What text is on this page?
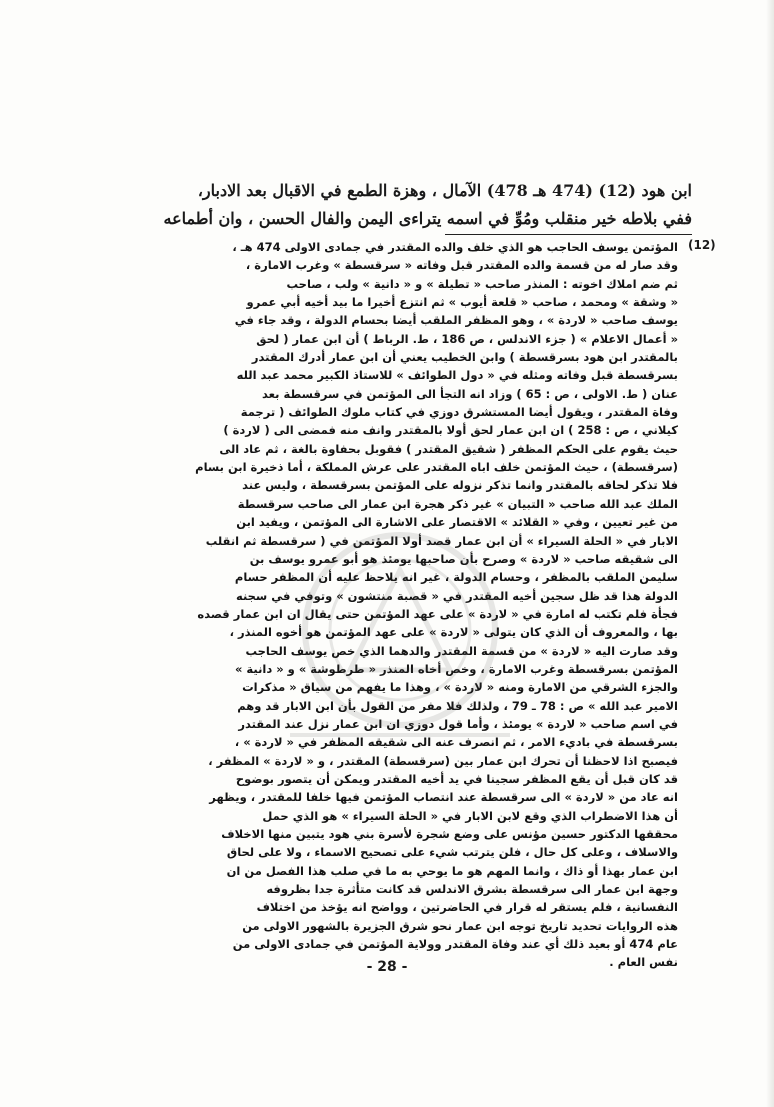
ابن هود (12) (474 هـ 478) الآمال ، وهزة الطمع في الاقبال بعد الادبار،
ففي بلاطه خير منقلب ومُوِّ في اسمه يتراءى اليمن والفال الحسن ، وان أطماعه
(12)
المؤتمن يوسف الحاجب هو الذي خلف والده المقتدر في جمادى الاولى 474 هـ ،
وقد صار له من قسمة والده المقتدر قبل وفاته « سرقسطة » وغرب الامارة ،
ثم ضم املاك اخوته : المنذر صاحب « تطيلة » و « دانية » ولب ، صاحب
« وشقة » ومحمد ، صاحب « قلعة أيوب » ثم انتزع أخيرا ما بيد أخيه أبي عمرو
يوسف صاحب « لاردة » ، وهو المظفر الملقب أيضا بحسام الدولة ، وقد جاء في
« أعمال الاعلام » ( جزء الاندلس ، ص 186 ، ط. الرباط ) أن ابن عمار ( لحق
بالمقتدر ابن هود بسرقسطة ) وابن الخطيب يعني أن ابن عمار أدرك المقتدر
بسرقسطة قبل وفاته ومثله في « دول الطوائف » للاستاذ الكبير محمد عبد الله
عنان ( ط. الاولى ، ص : 65 ) وزاد انه التجأ الى المؤتمن في سرقسطة بعد
وفاة المقتدر ، ويقول أيضا المستشرق دوزي في كتاب ملوك الطوائف ( ترجمة
كيلاني ، ص : 258 ) ان ابن عمار لحق أولا بالمقتدر وانف منه فمضى الى ( لاردة )
حيث يقوم على الحكم المظفر ( شقيق المقتدر ) فقوبل بحفاوة بالغة ، ثم عاد الى
(سرقسطة) ، حيث المؤتمن خلف اباه المقتدر على عرش المملكة ، أما ذخيرة ابن بسام
فلا تذكر لحاقه بالمقتدر وانما تذكر نزوله على المؤتمن بسرقسطة ، وليس عند
الملك عبد الله صاحب « التبيان » غير ذكر هجرة ابن عمار الى صاحب سرقسطة
من غير تعيين ، وفي « القلائد » الاقتصار على الاشارة الى المؤتمن ، ويفيد ابن
الابار في « الحلة السيراء » أن ابن عمار قصد أولا المؤتمن في ( سرقسطة ثم انقلب
الى شقيقه صاحب « لاردة » وصرح بأن صاحبها يومئذ هو أبو عمرو يوسف بن
سليمن الملقب بالمظفر ، وحسام الدولة ، غير انه يلاحظ عليه أن المظفر حسام
الدولة هذا قد ظل سجين أخيه المقتدر في « قصبة منتشون » وتوفي في سجنه
فجأة فلم تكتب له امارة في « لاردة » على عهد المؤتمن حتى يقال ان ابن عمار قصده
بها ، والمعروف أن الذي كان يتولى « لاردة » على عهد المؤتمن هو أخوه المنذر ،
وقد صارت اليه « لاردة » من قسمة المقتدر والدهما الذي خص يوسف الحاجب
المؤتمن بسرقسطة وغرب الامارة ، وخص أخاه المنذر « طرطوشة » و « دانية »
والجزء الشرقي من الامارة ومنه « لاردة » ، وهذا ما يفهم من سياق « مذكرات
الامير عبد الله » ص : 78 ـ 79 ، ولذلك فلا مفر من القول بأن ابن الابار قد وهم
في اسم صاحب « لاردة » يومئذ ، وأما قول دوزي ان ابن عمار نزل عند المقتدر
بسرقسطة في باديء الامر ، ثم انصرف عنه الى شقيقه المظفر في « لاردة » ،
فيصبح اذا لاحظنا أن تحرك ابن عمار بين (سرقسطة) المقتدر ، و « لاردة » المظفر ،
قد كان قبل أن يقع المظفر سجينا في يد أخيه المقتدر ويمكن أن يتصور بوضوح
انه عاد من « لاردة » الى سرقسطة عند انتصاب المؤتمن فيها خلفا للمقتدر ، ويظهر
أن هذا الاضطراب الذي وقع لابن الابار في « الحلة السيراء » هو الذي حمل
محققها الدكتور حسين مؤنس على وضع شجرة لأسرة بني هود يتبين منها الاخلاف
والاسلاف ، وعلى كل حال ، فلن يترتب شيء على تصحيح الاسماء ، ولا على لحاق
ابن عمار بهذا أو ذاك ، وانما المهم هو ما يوحي به ما في صلب هذا الفصل من ان
وجهة ابن عمار الى سرقسطة بشرق الاندلس قد كانت متأثرة جدا بظروفه
النفسانية ، فلم يستقر له قرار في الحاضرتين ، وواضح انه يؤخذ من اختلاف
هذه الروايات تحديد تاريخ توجه ابن عمار نحو شرق الجزيرة بالشهور الاولى من
عام 474 أو بعيد ذلك أي عند وفاة المقتدر وولاية المؤتمن في جمادى الاولى من
نفس العام .
- 28 -
